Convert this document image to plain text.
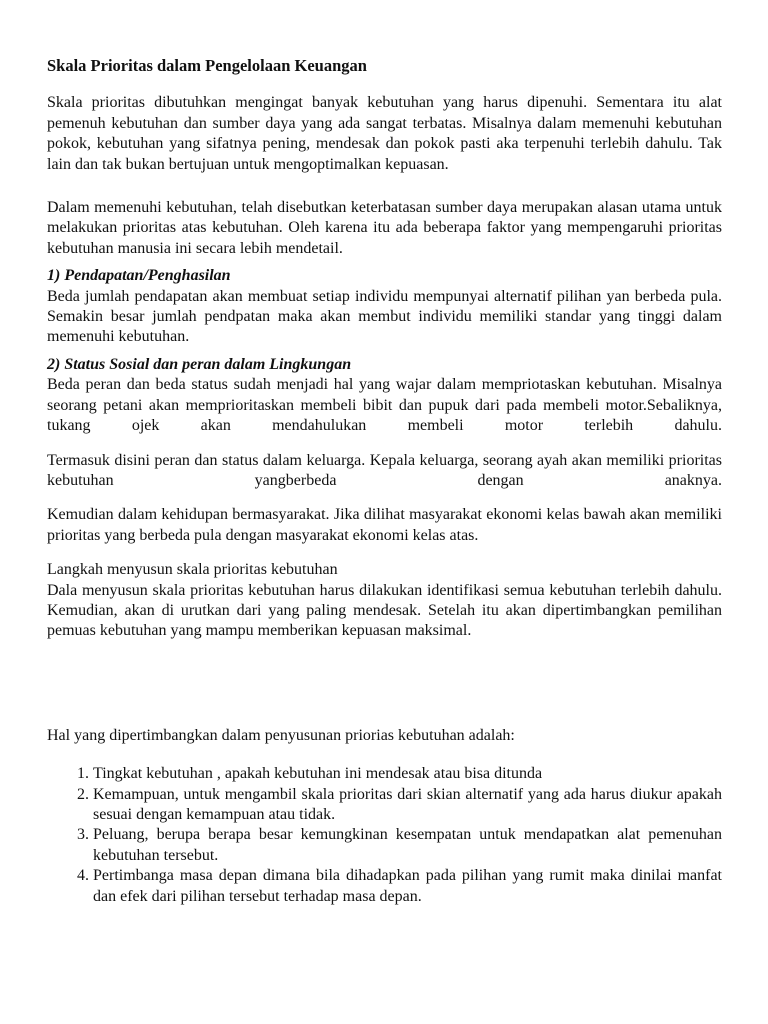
Skala Prioritas dalam Pengelolaan Keuangan

Skala prioritas dibutuhkan mengingat banyak kebutuhan yang harus dipenuhi. Sementara itu alat pemenuh kebutuhan dan sumber daya yang ada sangat terbatas. Misalnya dalam memenuhi kebutuhan pokok, kebutuhan yang sifatnya pening, mendesak dan pokok pasti aka terpenuhi terlebih dahulu. Tak lain dan tak bukan bertujuan untuk mengoptimalkan kepuasan.

Dalam memenuhi kebutuhan, telah disebutkan keterbatasan sumber daya merupakan alasan utama untuk melakukan prioritas atas kebutuhan. Oleh karena itu ada beberapa faktor yang mempengaruhi prioritas kebutuhan manusia ini secara lebih mendetail.

1) Pendapatan/Penghasilan

Beda jumlah pendapatan akan membuat setiap individu mempunyai alternatif pilihan yan berbeda pula. Semakin besar jumlah pendpatan maka akan membut individu memiliki standar yang tinggi dalam memenuhi kebutuhan.

2) Status Sosial dan peran dalam Lingkungan

Beda peran dan beda status sudah menjadi hal yang wajar dalam mempriotaskan kebutuhan. Misalnya seorang petani akan memprioritaskan membeli bibit dan pupuk dari pada membeli motor.Sebaliknya, tukang ojek akan mendahulukan membeli motor terlebih dahulu.

Termasuk disini peran dan status dalam keluarga. Kepala keluarga, seorang ayah akan memiliki prioritas kebutuhan yangberbeda dengan anaknya.

Kemudian dalam kehidupan bermasyarakat. Jika dilihat masyarakat ekonomi kelas bawah akan memiliki prioritas yang berbeda pula dengan masyarakat ekonomi kelas atas.

Langkah menyusun skala prioritas kebutuhan

Dala menyusun skala prioritas kebutuhan harus dilakukan identifikasi semua kebutuhan terlebih dahulu. Kemudian, akan di urutkan dari yang paling mendesak. Setelah itu akan dipertimbangkan pemilihan pemuas kebutuhan yang mampu memberikan kepuasan maksimal.

Hal yang dipertimbangkan dalam penyusunan priorias kebutuhan adalah:

1. Tingkat kebutuhan , apakah kebutuhan ini mendesak atau bisa ditunda
2. Kemampuan, untuk mengambil skala prioritas dari skian alternatif yang ada harus diukur apakah sesuai dengan kemampuan atau tidak.
3. Peluang, berupa berapa besar kemungkinan kesempatan untuk mendapatkan alat pemenuhan kebutuhan tersebut.
4. Pertimbanga masa depan dimana bila dihadapkan pada pilihan yang rumit maka dinilai manfat dan efek dari pilihan tersebut terhadap masa depan.
